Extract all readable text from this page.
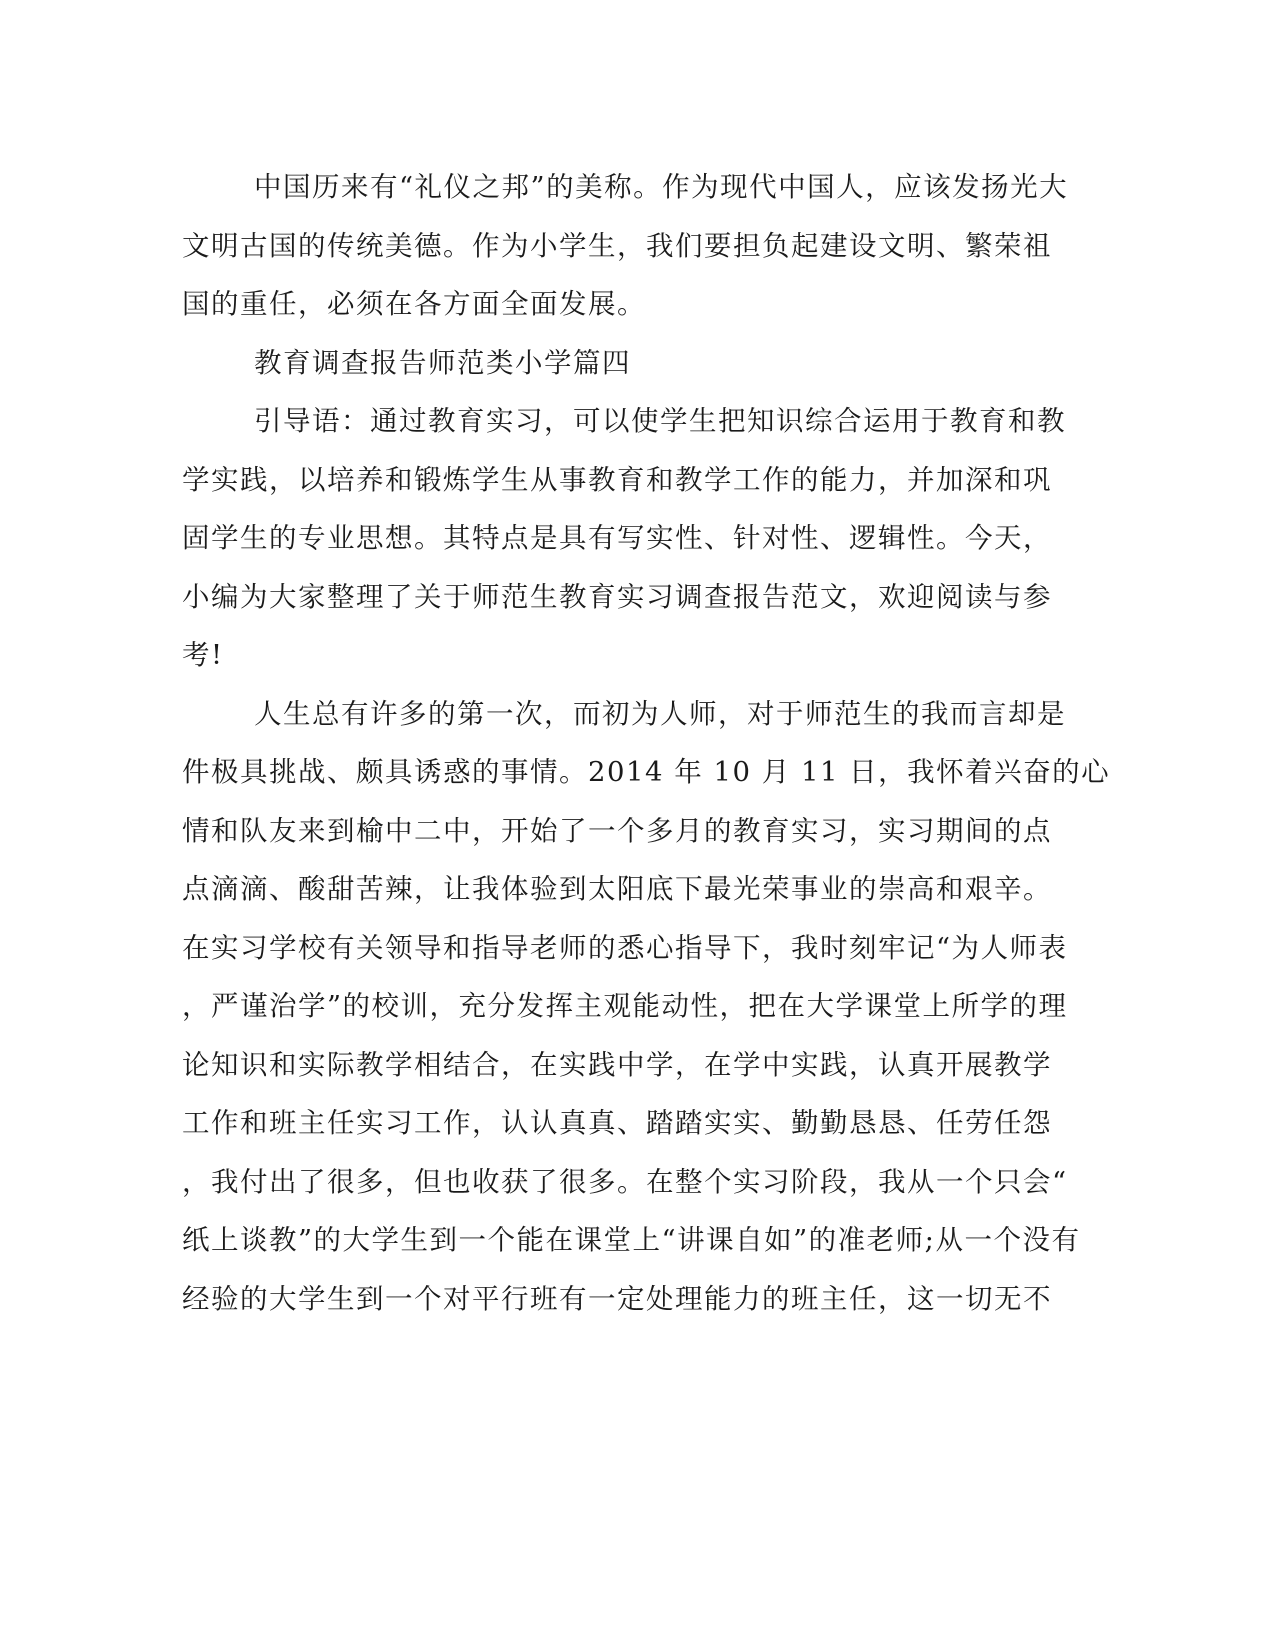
中国历来有“礼仪之邦”的美称。作为现代中国人，应该发扬光大
文明古国的传统美德。作为小学生，我们要担负起建设文明、繁荣祖
国的重任，必须在各方面全面发展。
教育调查报告师范类小学篇四
引导语：通过教育实习，可以使学生把知识综合运用于教育和教
学实践，以培养和锻炼学生从事教育和教学工作的能力，并加深和巩
固学生的专业思想。其特点是具有写实性、针对性、逻辑性。今天，
小编为大家整理了关于师范生教育实习调查报告范文，欢迎阅读与参
考!
人生总有许多的第一次，而初为人师，对于师范生的我而言却是
件极具挑战、颇具诱惑的事情。2014 年 10 月 11 日，我怀着兴奋的心
情和队友来到榆中二中，开始了一个多月的教育实习，实习期间的点
点滴滴、酸甜苦辣，让我体验到太阳底下最光荣事业的崇高和艰辛。
在实习学校有关领导和指导老师的悉心指导下，我时刻牢记“为人师表
，严谨治学”的校训，充分发挥主观能动性，把在大学课堂上所学的理
论知识和实际教学相结合，在实践中学，在学中实践，认真开展教学
工作和班主任实习工作，认认真真、踏踏实实、勤勤恳恳、任劳任怨
，我付出了很多，但也收获了很多。在整个实习阶段，我从一个只会“
纸上谈教”的大学生到一个能在课堂上“讲课自如”的准老师;从一个没有
经验的大学生到一个对平行班有一定处理能力的班主任，这一切无不
